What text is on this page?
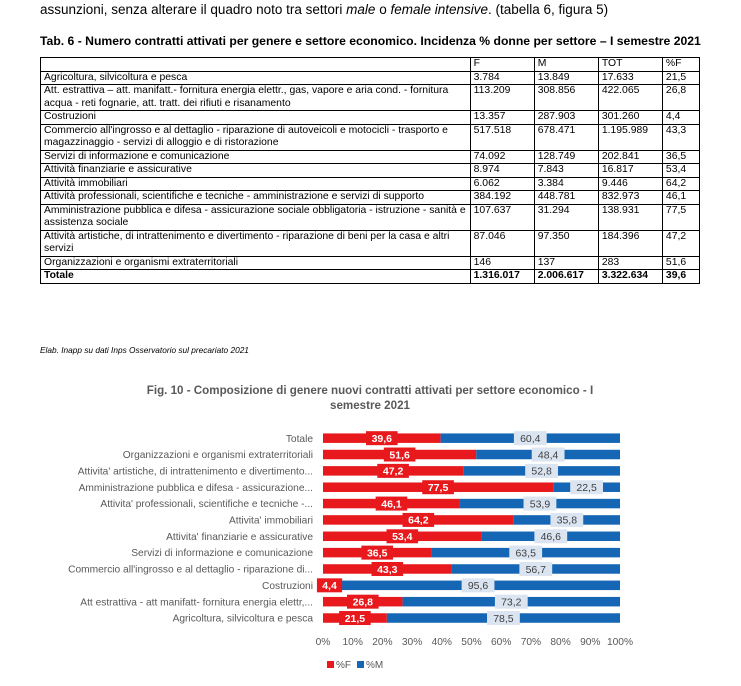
assunzioni, senza alterare il quadro noto tra settori male o female intensive. (tabella 6, figura 5)
Tab. 6 - Numero contratti attivati per genere e settore economico. Incidenza % donne per settore – I semestre 2021
	F	M	TOT	%F
Agricoltura, silvicoltura e pesca	3.784	13.849	17.633	21,5
Att. estrattiva – att. manifatt.- fornitura energia elettr., gas, vapore e aria cond. - fornitura acqua - reti fognarie, att. tratt. dei rifiuti e risanamento	113.209	308.856	422.065	26,8
Costruzioni	13.357	287.903	301.260	4,4
Commercio all'ingrosso e al dettaglio - riparazione di autoveicoli e motocicli - trasporto e magazzinaggio - servizi di alloggio e di ristorazione	517.518	678.471	1.195.989	43,3
Servizi di informazione e comunicazione	74.092	128.749	202.841	36,5
Attività finanziarie e assicurative	8.974	7.843	16.817	53,4
Attività immobiliari	6.062	3.384	9.446	64,2
Attività professionali, scientifiche e tecniche - amministrazione e servizi di supporto	384.192	448.781	832.973	46,1
Amministrazione pubblica e difesa - assicurazione sociale obbligatoria - istruzione - sanità e assistenza sociale	107.637	31.294	138.931	77,5
Attività artistiche, di intrattenimento e divertimento - riparazione di beni per la casa e altri servizi	87.046	97.350	184.396	47,2
Organizzazioni e organismi extraterritoriali	146	137	283	51,6
Totale	1.316.017	2.006.617	3.322.634	39,6
Elab. Inapp su dati Inps Osservatorio sul precariato 2021
Fig. 10 - Composizione di genere nuovi contratti attivati per settore economico - I
semestre 2021
Totale	39,6	60,4
Organizzazioni e organismi extraterritoriali	51,6	48,4
Attivita' artistiche, di intrattenimento e divertimento...	47,2	52,8
Amministrazione pubblica e difesa - assicurazione...	77,5	22,5
Attivita' professionali, scientifiche e tecniche -...	46,1	53,9
Attivita' immobiliari	64,2	35,8
Attivita' finanziarie e assicurative	53,4	46,6
Servizi di informazione e comunicazione	36,5	63,5
Commercio all'ingrosso e al dettaglio - riparazione di...	43,3	56,7
Costruzioni 4,4	95,6
Att estrattiva - att manifatt- fornitura energia elettr,...	26,8	73,2
Agricoltura, silvicoltura e pesca	21,5	78,5
0% 10% 20% 30% 40% 50% 60% 70% 80% 90% 100%
%F %M
